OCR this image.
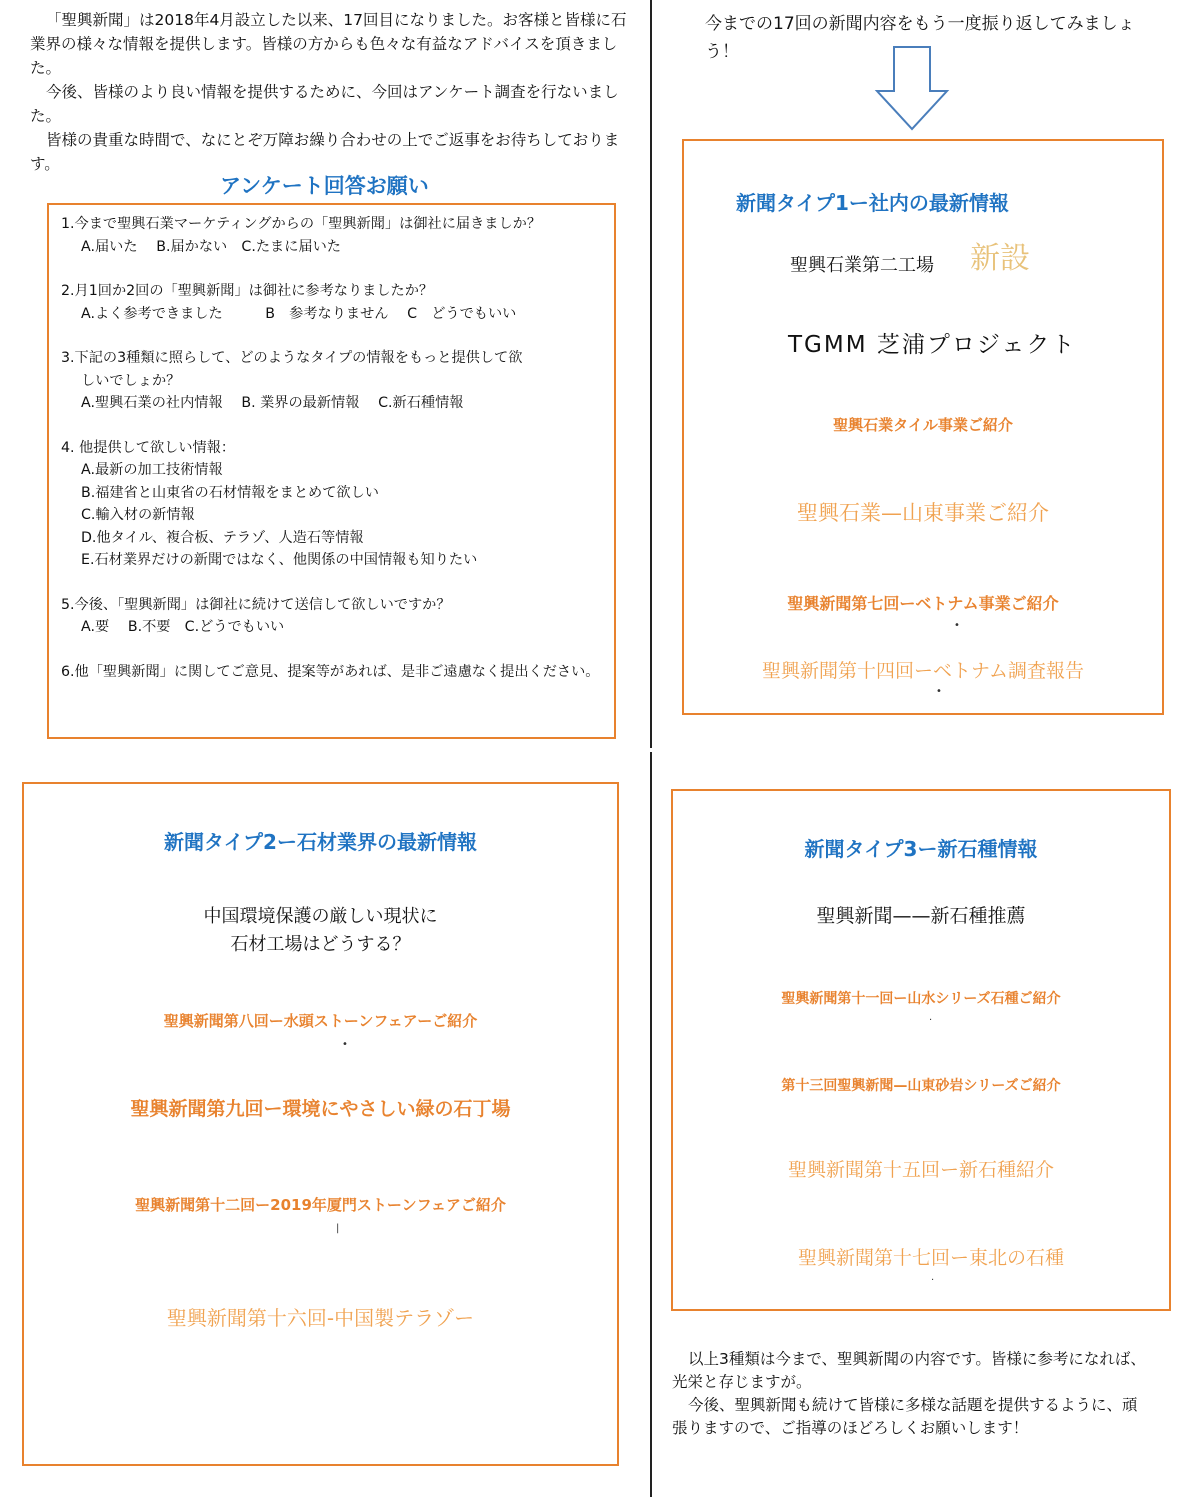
「聖興新聞」は2018年4月設立した以来、17回目になりました。お客様と皆様に石業界の様々な情報を提供します。皆様の方からも色々な有益なアドバイスを頂きました。

今後、皆様のより良い情報を提供するために、今回はアンケート調査を行ないました。

皆様の貴重な時間で、なにとぞ万障お繰り合わせの上でご返事をお待ちしております。

アンケート回答お願い
1.今まで聖興石業マーケティングからの「聖興新聞」は御社に届きましか？
A.届いた　 B.届かない　C.たまに届いた
2.月1回か2回の「聖興新聞」は御社に参考なりましたか？
A.よく参考できました　　　B　参考なりません　 C　どうでもいい
3.下記の3種類に照らして、どのようなタイプの情報をもっと提供して欲
しいでしょか？
A.聖興石業の社内情報　 B. 業界の最新情報　 C.新石種情報
4. 他提供して欲しい情報：
A.最新の加工技術情報
B.福建省と山東省の石材情報をまとめて欲しい
C.輸入材の新情報
D.他タイル、複合板、テラゾ、人造石等情報
E.石材業界だけの新聞ではなく、他関係の中国情報も知りたい
5.今後、「聖興新聞」は御社に続けて送信して欲しいですか？
A.要　 B.不要　C.どうでもいい
6.他「聖興新聞」に関してご意見、提案等があれば、是非ご遠慮なく提出ください。
今までの17回の新聞内容をもう一度振り返してみましょう！
新聞タイプ1ー社内の最新情報
聖興石業第二工場 新設
TGMM 芝浦プロジェクト
聖興石業タイル事業ご紹介
聖興石業—山東事業ご紹介
聖興新聞第七回ーベトナム事業ご紹介
•
聖興新聞第十四回ーベトナム調査報告
•
新聞タイプ2ー石材業界の最新情報
中国環境保護の厳しい現状に
石材工場はどうする？
聖興新聞第八回ー水頭ストーンフェアーご紹介
•
聖興新聞第九回ー環境にやさしい緑の石丁場
聖興新聞第十二回ー2019年厦門ストーンフェアご紹介
|
聖興新聞第十六回-中国製テラゾー
新聞タイプ3ー新石種情報
聖興新聞——新石種推薦
聖興新聞第十一回ー山水シリーズ石種ご紹介
.
第十三回聖興新聞—山東砂岩シリーズご紹介
聖興新聞第十五回ー新石種紹介
聖興新聞第十七回ー東北の石種
.

以上3種類は今まで、聖興新聞の内容です。皆様に参考になれば、光栄と存じますが。

今後、聖興新聞も続けて皆様に多様な話題を提供するように、頑張りますので、ご指導のほどろしくお願いします！
